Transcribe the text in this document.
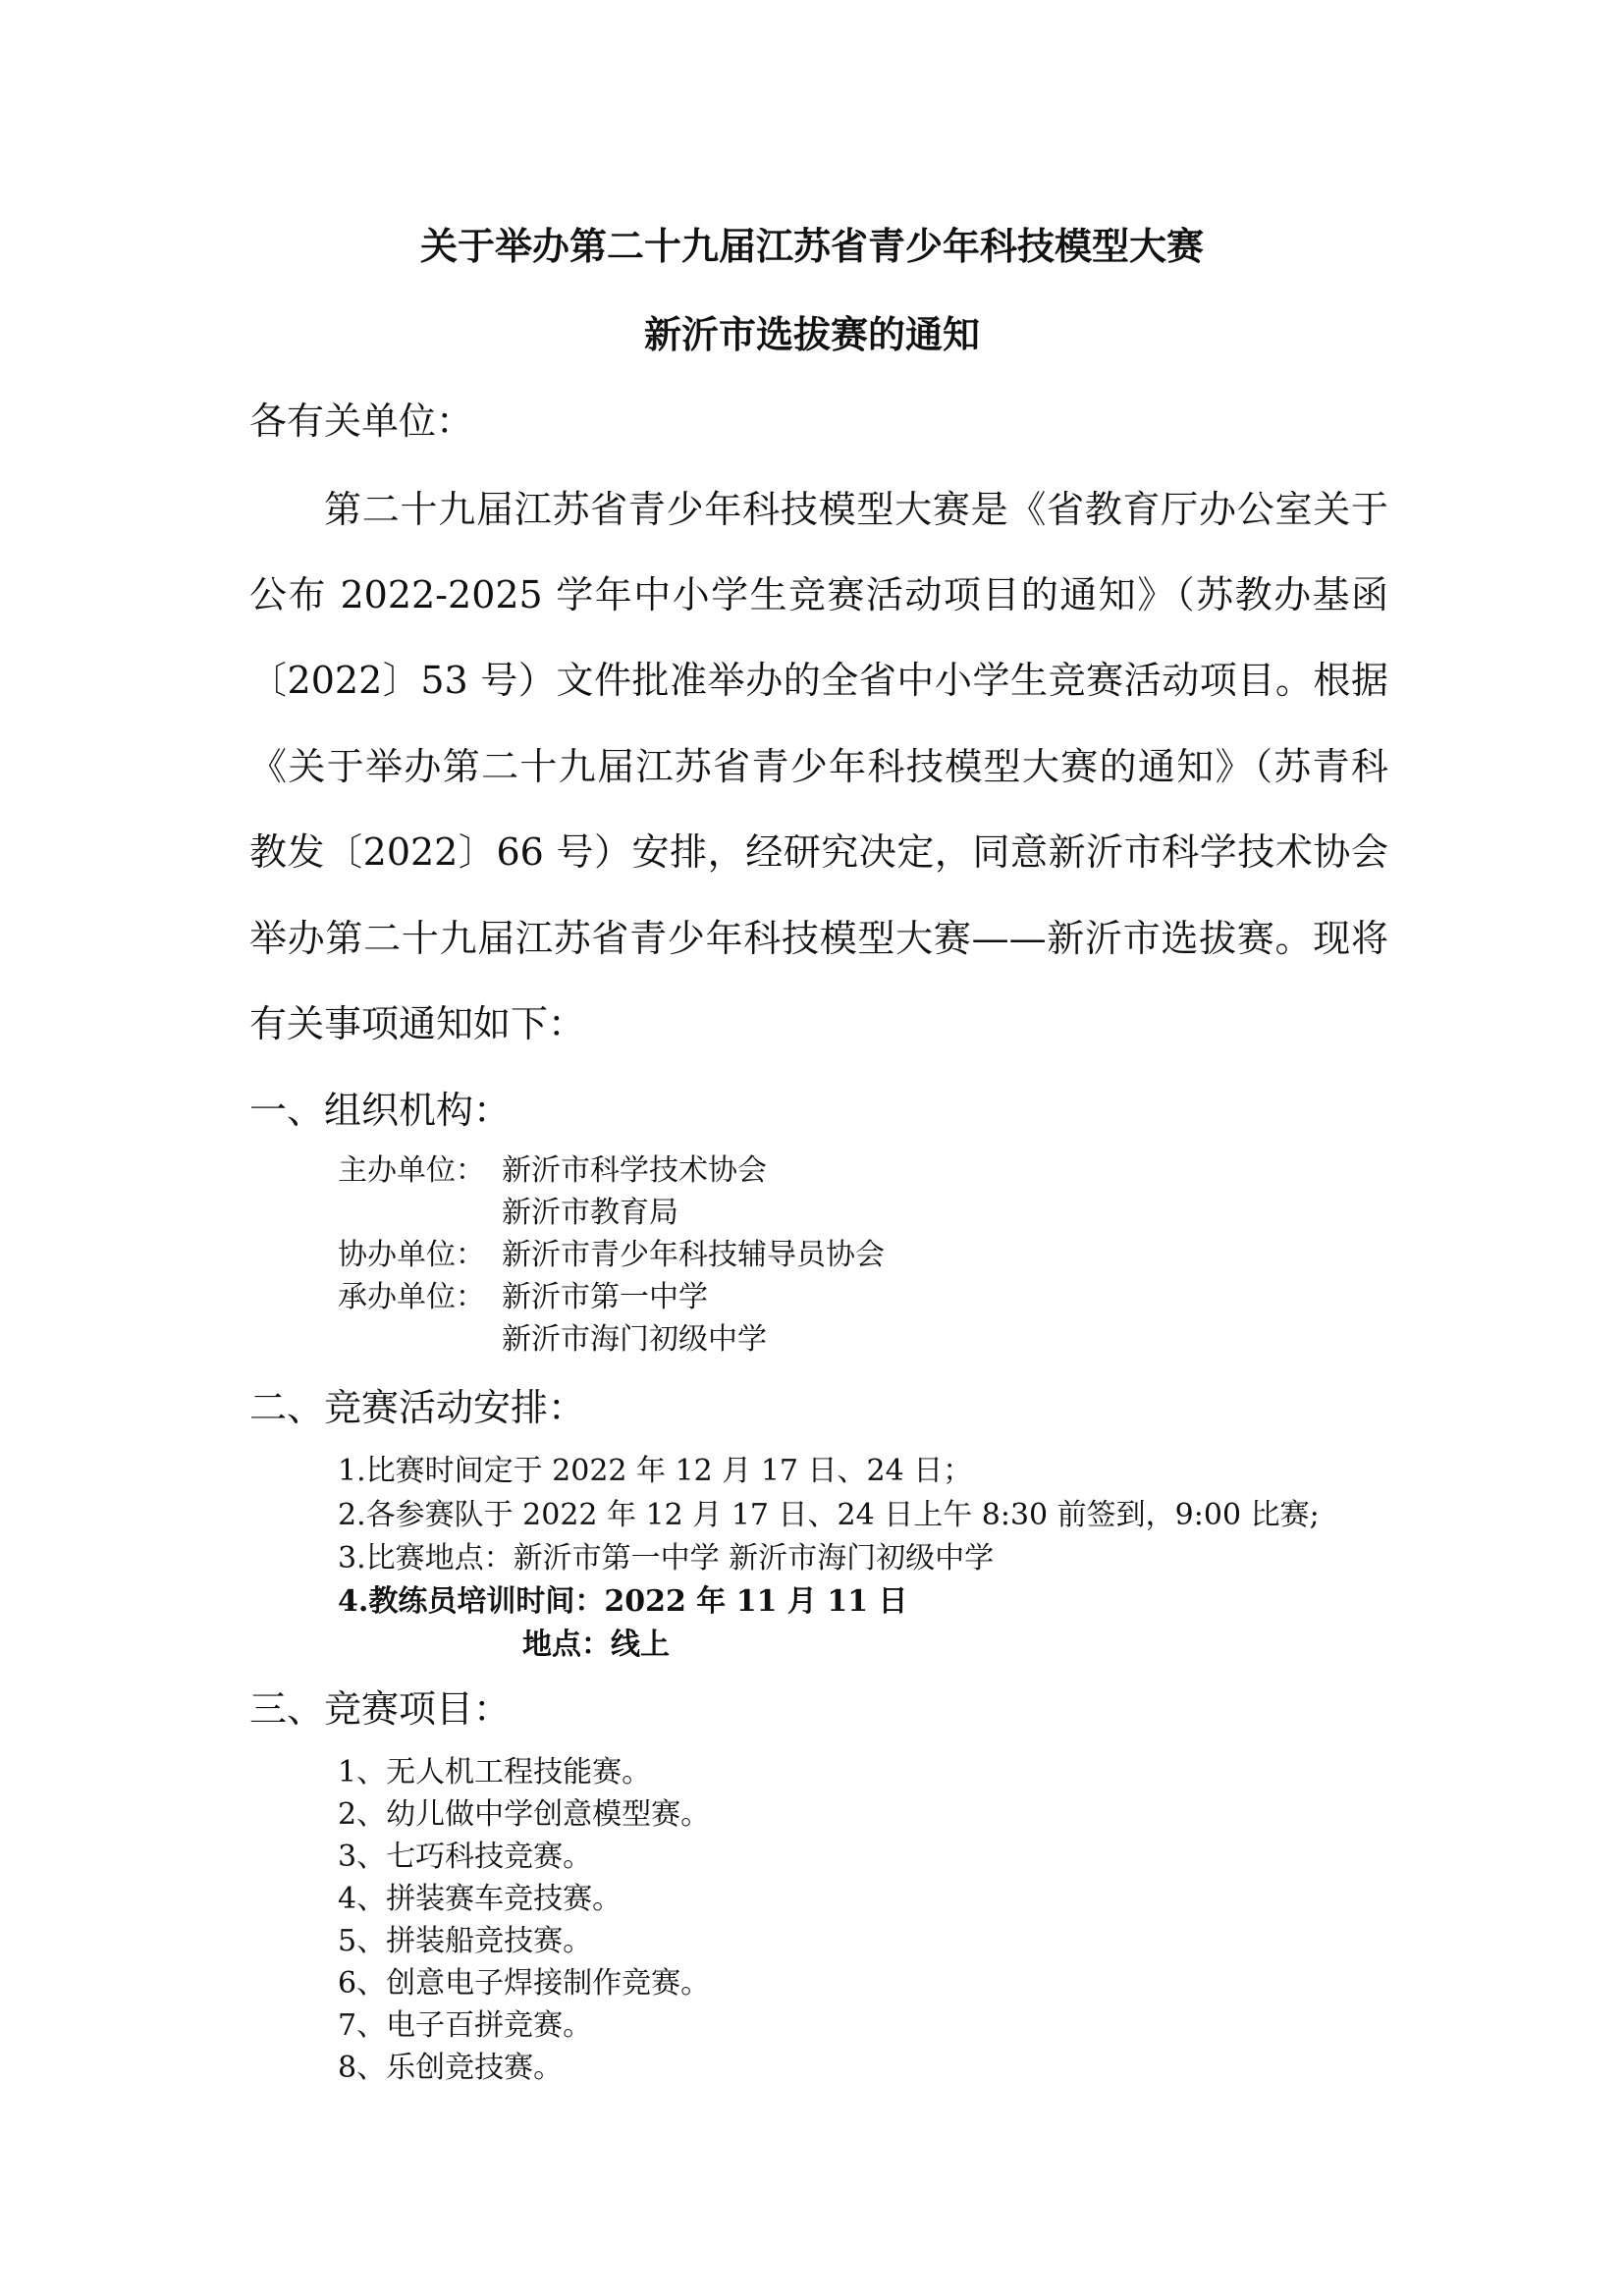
关于举办第二十九届江苏省青少年科技模型大赛
新沂市选拔赛的通知
各有关单位：
第二十九届江苏省青少年科技模型大赛是《省教育厅办公室关于
公布 2022-2025 学年中小学生竞赛活动项目的通知》（苏教办基函
〔2022〕53 号）文件批准举办的全省中小学生竞赛活动项目。根据
《关于举办第二十九届江苏省青少年科技模型大赛的通知》（苏青科
教发〔2022〕66 号）安排，经研究决定，同意新沂市科学技术协会
举办第二十九届江苏省青少年科技模型大赛——新沂市选拔赛。现将
有关事项通知如下：
一、组织机构：
主办单位： 新沂市科学技术协会
新沂市教育局
协办单位： 新沂市青少年科技辅导员协会
承办单位： 新沂市第一中学
新沂市海门初级中学
二、竞赛活动安排：
1.比赛时间定于 2022 年 12 月 17 日、24 日；
2.各参赛队于 2022 年 12 月 17 日、24 日上午 8:30 前签到，9:00 比赛;
3.比赛地点：新沂市第一中学 新沂市海门初级中学
4.教练员培训时间：2022 年 11 月 11 日
地点：线上
三、竞赛项目：
1、无人机工程技能赛。
2、幼儿做中学创意模型赛。
3、七巧科技竞赛。
4、拼装赛车竞技赛。
5、拼装船竞技赛。
6、创意电子焊接制作竞赛。
7、电子百拼竞赛。
8、乐创竞技赛。
